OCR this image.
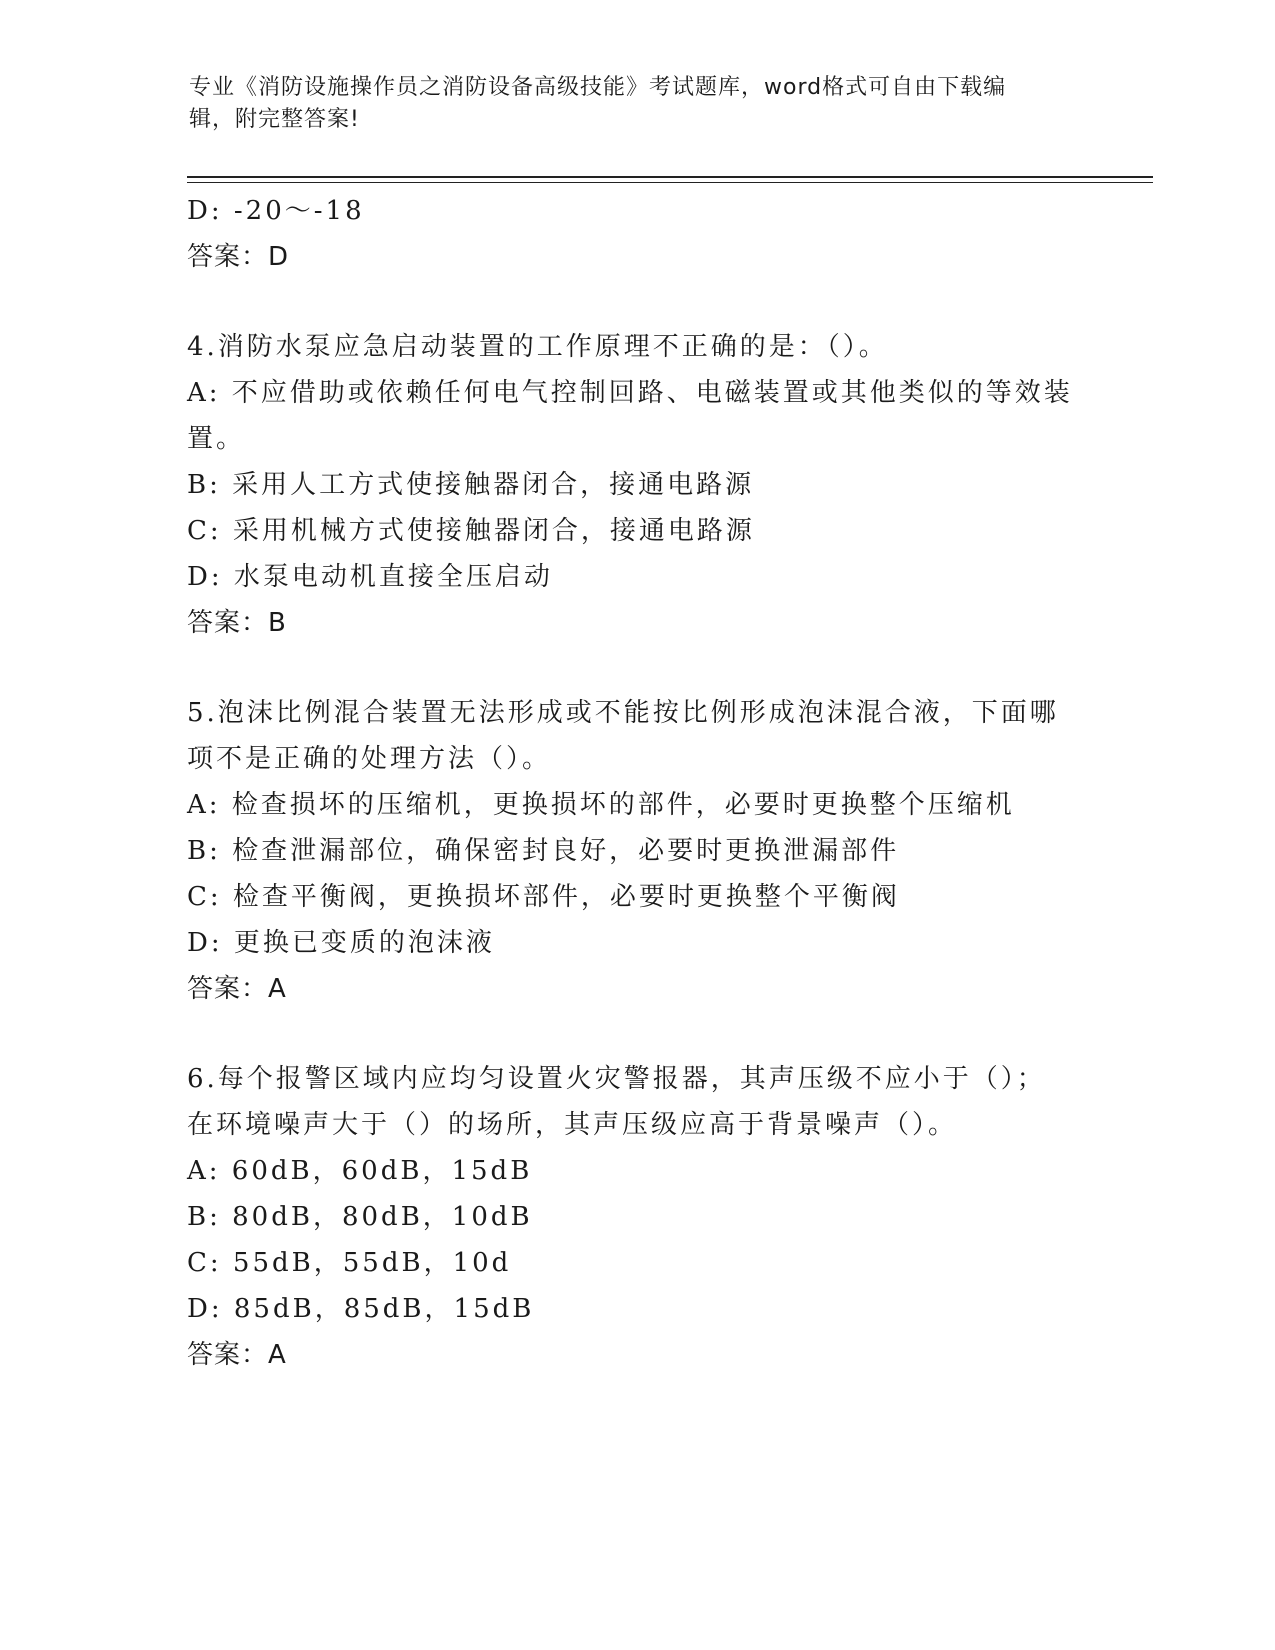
专业《消防设施操作员之消防设备高级技能》考试题库，word格式可自由下载编
辑，附完整答案!
D: -20～-18
答案：D
4.消防水泵应急启动装置的工作原理不正确的是：（）。
A: 不应借助或依赖任何电气控制回路、电磁装置或其他类似的等效装
置。
B: 采用人工方式使接触器闭合，接通电路源
C: 采用机械方式使接触器闭合，接通电路源
D: 水泵电动机直接全压启动
答案：B
5.泡沫比例混合装置无法形成或不能按比例形成泡沫混合液，下面哪
项不是正确的处理方法（）。
A: 检查损坏的压缩机，更换损坏的部件，必要时更换整个压缩机
B: 检查泄漏部位，确保密封良好，必要时更换泄漏部件
C: 检查平衡阀，更换损坏部件，必要时更换整个平衡阀
D: 更换已变质的泡沫液
答案：A
6.每个报警区域内应均匀设置火灾警报器，其声压级不应小于（）；
在环境噪声大于（）的场所，其声压级应高于背景噪声（）。
A: 60dB，60dB，15dB
B: 80dB，80dB，10dB
C: 55dB，55dB，10d
D: 85dB，85dB，15dB
答案：A
